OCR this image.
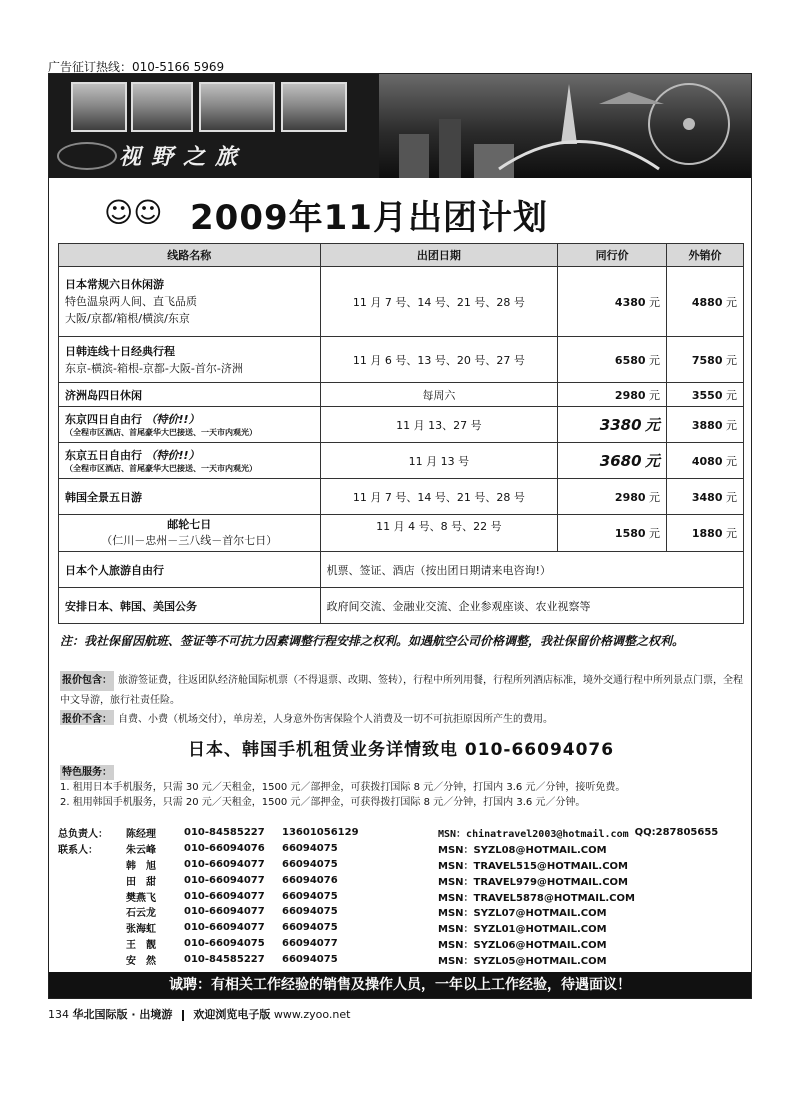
广告征订热线：010-5166 5969
视野之旅
☺☺ 2009年11月出团计划
线路名称	出团日期	同行价	外销价

日本常规六日休闲游
特色温泉两人间、直飞品质
大阪/京都/箱根/横滨/东京	11 月 7 号、14 号、21 号、28 号	4380 元	4880 元

日韩连线十日经典行程
东京-横滨-箱根-京都-大阪-首尔-济洲	11 月 6 号、13 号、20 号、27 号	6580 元	7580 元
济洲岛四日休闲	每周六	2980 元	3550 元

东京四日自由行 （特价!!）
（全程市区酒店、首尾豪华大巴接送、一天市内观光）	11 月 13、27 号	3380 元	3880 元

东京五日自由行 （特价!!）
（全程市区酒店、首尾豪华大巴接送、一天市内观光）	11 月 13 号	3680 元	4080 元
韩国全景五日游	11 月 7 号、14 号、21 号、28 号	2980 元	3480 元

邮轮七日
（仁川－忠州－三八线－首尔七日）	11 月 4 号、8 号、22 号	1580 元	1880 元
日本个人旅游自由行	机票、签证、酒店（按出团日期请来电咨询!）		
安排日本、韩国、美国公务	政府间交流、金融业交流、企业参观座谈、农业视察等		
注：我社保留因航班、签证等不可抗力因素调整行程安排之权利。如遇航空公司价格调整，我社保留价格调整之权利。
报价包含： 旅游签证费，往返团队经济舱国际机票（不得退票、改期、签转），行程中所列用餐，行程所列酒店标准，境外交通行程中所列景点门票，全程中文导游，旅行社责任险。
报价不含： 自费、小费（机场交付），单房差，人身意外伤害保险个人消费及一切不可抗拒原因所产生的费用。
日本、韩国手机租赁业务详情致电 010-66094076
特色服务：
1. 租用日本手机服务，只需 30 元／天租金，1500 元／部押金，可获拨打国际 8 元／分钟，打国内 3.6 元／分钟，接听免费。
2. 租用韩国手机服务，只需 20 元／天租金，1500 元／部押金，可获得拨打国际 8 元／分钟，打国内 3.6 元／分钟。
总负责人：	陈经理	010-84585227	13601056129	MSN：chinatravel2003@hotmail.com	QQ:287805655
联系人：	朱云峰	010-66094076	66094075	MSN：SYZL08@HOTMAIL.COM	
	韩　旭	010-66094077	66094075	MSN：TRAVEL515@HOTMAIL.COM	
	田　甜	010-66094077	66094076	MSN：TRAVEL979@HOTMAIL.COM	
	樊燕飞	010-66094077	66094075	MSN：TRAVEL5878@HOTMAIL.COM	
	石云龙	010-66094077	66094075	MSN：SYZL07@HOTMAIL.COM	
	张海虹	010-66094077	66094075	MSN：SYZL01@HOTMAIL.COM	
	王　靓	010-66094075	66094077	MSN：SYZL06@HOTMAIL.COM	
	安　然	010-84585227	66094075	MSN：SYZL05@HOTMAIL.COM	
诚聘：有相关工作经验的销售及操作人员，一年以上工作经验，待遇面议！
134 华北国际版 · 出境游 欢迎浏览电子版 www.zyoo.net
